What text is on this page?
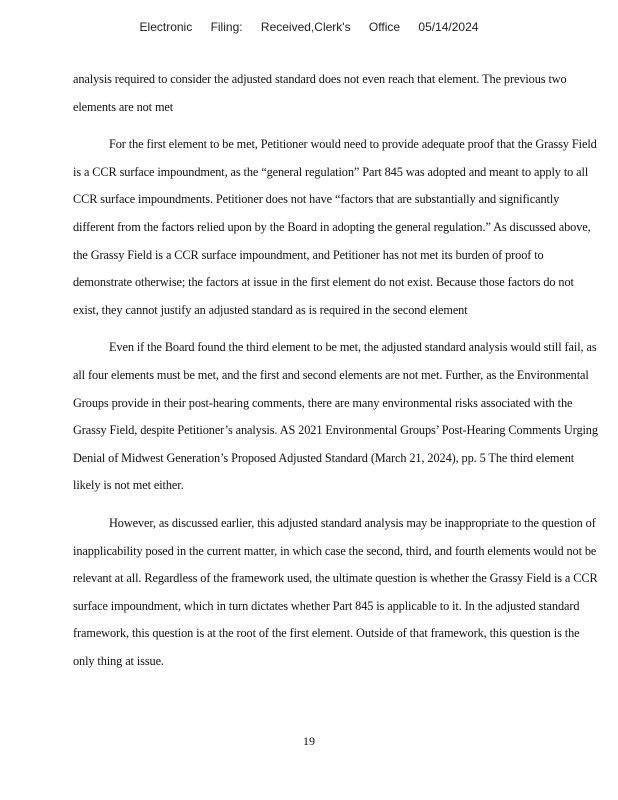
Electronic Filing: Received,Clerk's Office 05/14/2024

analysis required to consider the adjusted standard does not even reach that element. The previous two elements are not met

For the first element to be met, Petitioner would need to provide adequate proof that the Grassy Field is a CCR surface impoundment, as the “general regulation” Part 845 was adopted and meant to apply to all CCR surface impoundments. Petitioner does not have “factors that are substantially and significantly different from the factors relied upon by the Board in adopting the general regulation.” As discussed above, the Grassy Field is a CCR surface impoundment, and Petitioner has not met its burden of proof to demonstrate otherwise; the factors at issue in the first element do not exist. Because those factors do not exist, they cannot justify an adjusted standard as is required in the second element

Even if the Board found the third element to be met, the adjusted standard analysis would still fail, as all four elements must be met, and the first and second elements are not met. Further, as the Environmental Groups provide in their post-hearing comments, there are many environmental risks associated with the Grassy Field, despite Petitioner’s analysis. AS 2021 Environmental Groups’ Post-Hearing Comments Urging Denial of Midwest Generation’s Proposed Adjusted Standard (March 21, 2024), pp. 5 The third element likely is not met either.

However, as discussed earlier, this adjusted standard analysis may be inappropriate to the question of inapplicability posed in the current matter, in which case the second, third, and fourth elements would not be relevant at all. Regardless of the framework used, the ultimate question is whether the Grassy Field is a CCR surface impoundment, which in turn dictates whether Part 845 is applicable to it. In the adjusted standard framework, this question is at the root of the first element. Outside of that framework, this question is the only thing at issue.

19
